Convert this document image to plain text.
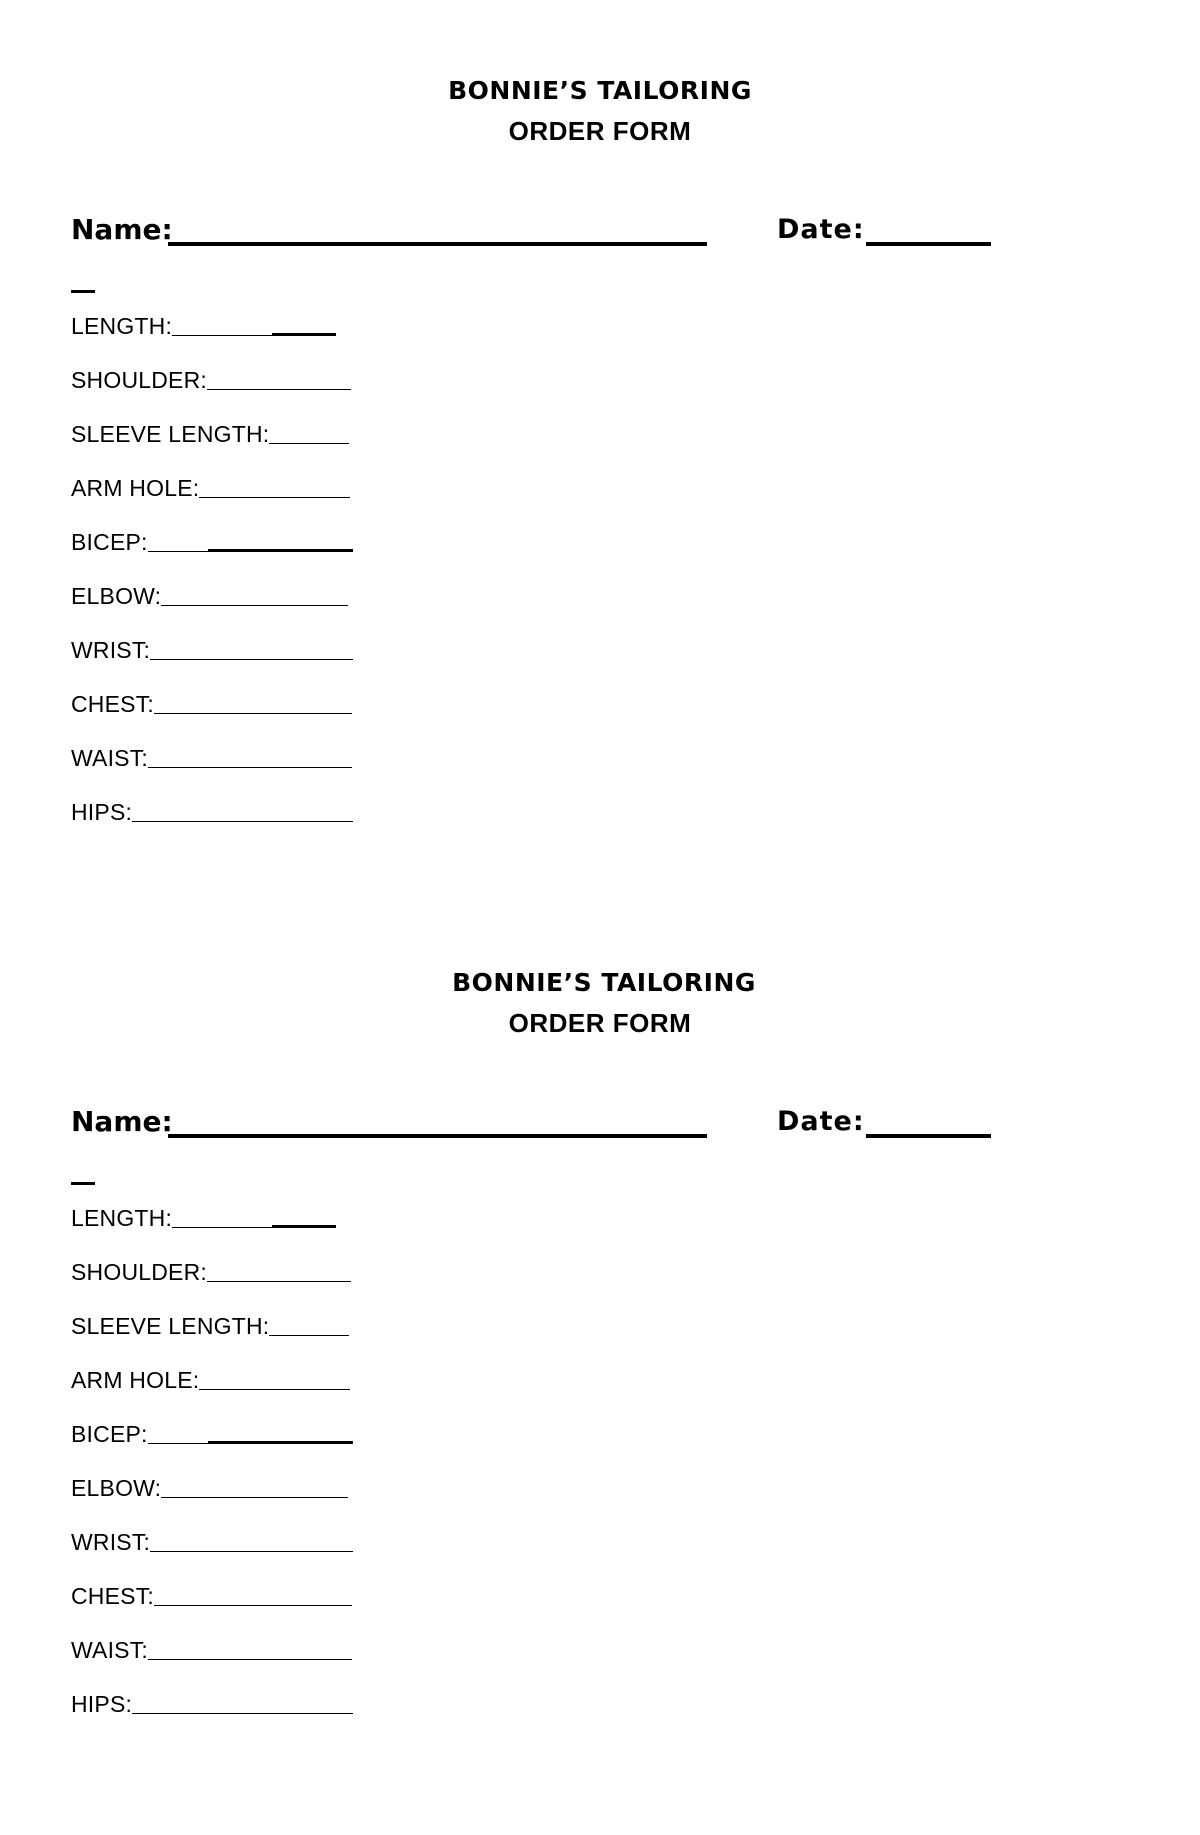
BONNIE’S TAILORING
ORDER FORM
Name:	Date:
LENGTH:
SHOULDER:
SLEEVE LENGTH:
ARM HOLE:
BICEP:
ELBOW:
WRIST:
CHEST:
WAIST:
HIPS:
BONNIE’S TAILORING
ORDER FORM
Name:	Date:
LENGTH:
SHOULDER:
SLEEVE LENGTH:
ARM HOLE:
BICEP:
ELBOW:
WRIST:
CHEST:
WAIST:
HIPS:
